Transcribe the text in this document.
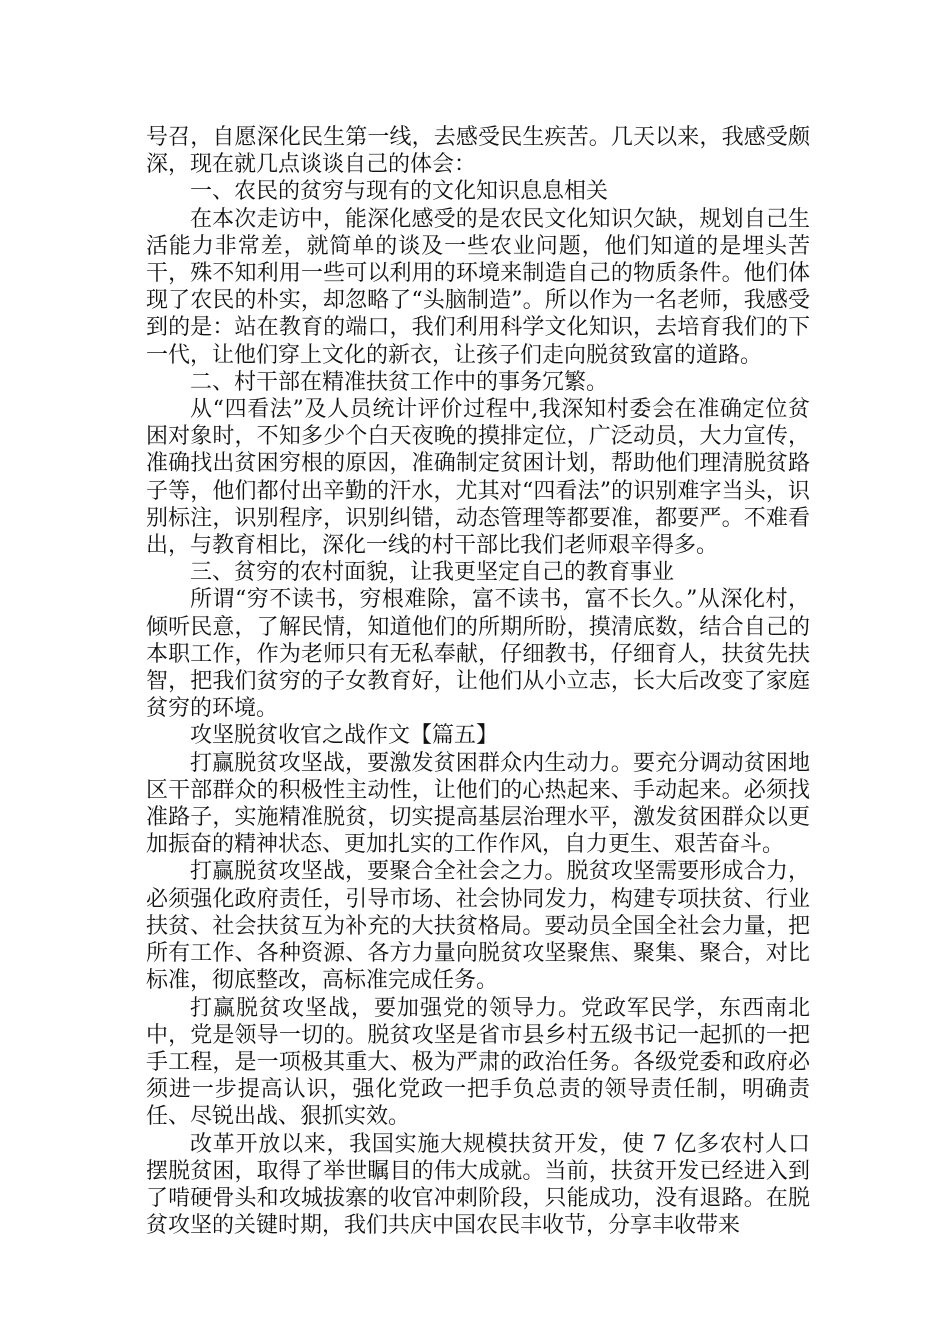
号召，自愿深化民生第一线，去感受民生疾苦。几天以来，我感受颇深，现在就几点谈谈自己的体会：

一、农民的贫穷与现有的文化知识息息相关

在本次走访中，能深化感受的是农民文化知识欠缺，规划自己生活能力非常差，就简单的谈及一些农业问题，他们知道的是埋头苦干，殊不知利用一些可以利用的环境来制造自己的物质条件。他们体现了农民的朴实，却忽略了“头脑制造”。所以作为一名老师，我感受到的是：站在教育的端口，我们利用科学文化知识，去培育我们的下一代，让他们穿上文化的新衣，让孩子们走向脱贫致富的道路。

二、村干部在精准扶贫工作中的事务冗繁。

从“四看法”及人员统计评价过程中,我深知村委会在准确定位贫困对象时，不知多少个白天夜晚的摸排定位，广泛动员，大力宣传，准确找出贫困穷根的原因，准确制定贫困计划，帮助他们理清脱贫路子等，他们都付出辛勤的汗水，尤其对“四看法”的识别难字当头，识别标注，识别程序，识别纠错，动态管理等都要准，都要严。不难看出，与教育相比，深化一线的村干部比我们老师艰辛得多。

三、贫穷的农村面貌，让我更坚定自己的教育事业

所谓“穷不读书，穷根难除，富不读书，富不长久。”从深化村，倾听民意，了解民情，知道他们的所期所盼，摸清底数，结合自己的本职工作，作为老师只有无私奉献，仔细教书，仔细育人，扶贫先扶智，把我们贫穷的子女教育好，让他们从小立志，长大后改变了家庭贫穷的环境。

攻坚脱贫收官之战作文【篇五】

打赢脱贫攻坚战，要激发贫困群众内生动力。要充分调动贫困地区干部群众的积极性主动性，让他们的心热起来、手动起来。必须找准路子，实施精准脱贫，切实提高基层治理水平，激发贫困群众以更加振奋的精神状态、更加扎实的工作作风，自力更生、艰苦奋斗。

打赢脱贫攻坚战，要聚合全社会之力。脱贫攻坚需要形成合力，必须强化政府责任，引导市场、社会协同发力，构建专项扶贫、行业扶贫、社会扶贫互为补充的大扶贫格局。要动员全国全社会力量，把所有工作、各种资源、各方力量向脱贫攻坚聚焦、聚集、聚合，对比标准，彻底整改，高标准完成任务。

打赢脱贫攻坚战，要加强党的领导力。党政军民学，东西南北中，党是领导一切的。脱贫攻坚是省市县乡村五级书记一起抓的一把手工程，是一项极其重大、极为严肃的政治任务。各级党委和政府必须进一步提高认识，强化党政一把手负总责的领导责任制，明确责任、尽锐出战、狠抓实效。

改革开放以来，我国实施大规模扶贫开发，使 7 亿多农村人口摆脱贫困，取得了举世瞩目的伟大成就。当前，扶贫开发已经进入到了啃硬骨头和攻城拔寨的收官冲刺阶段，只能成功，没有退路。在脱贫攻坚的关键时期，我们共庆中国农民丰收节，分享丰收带来
